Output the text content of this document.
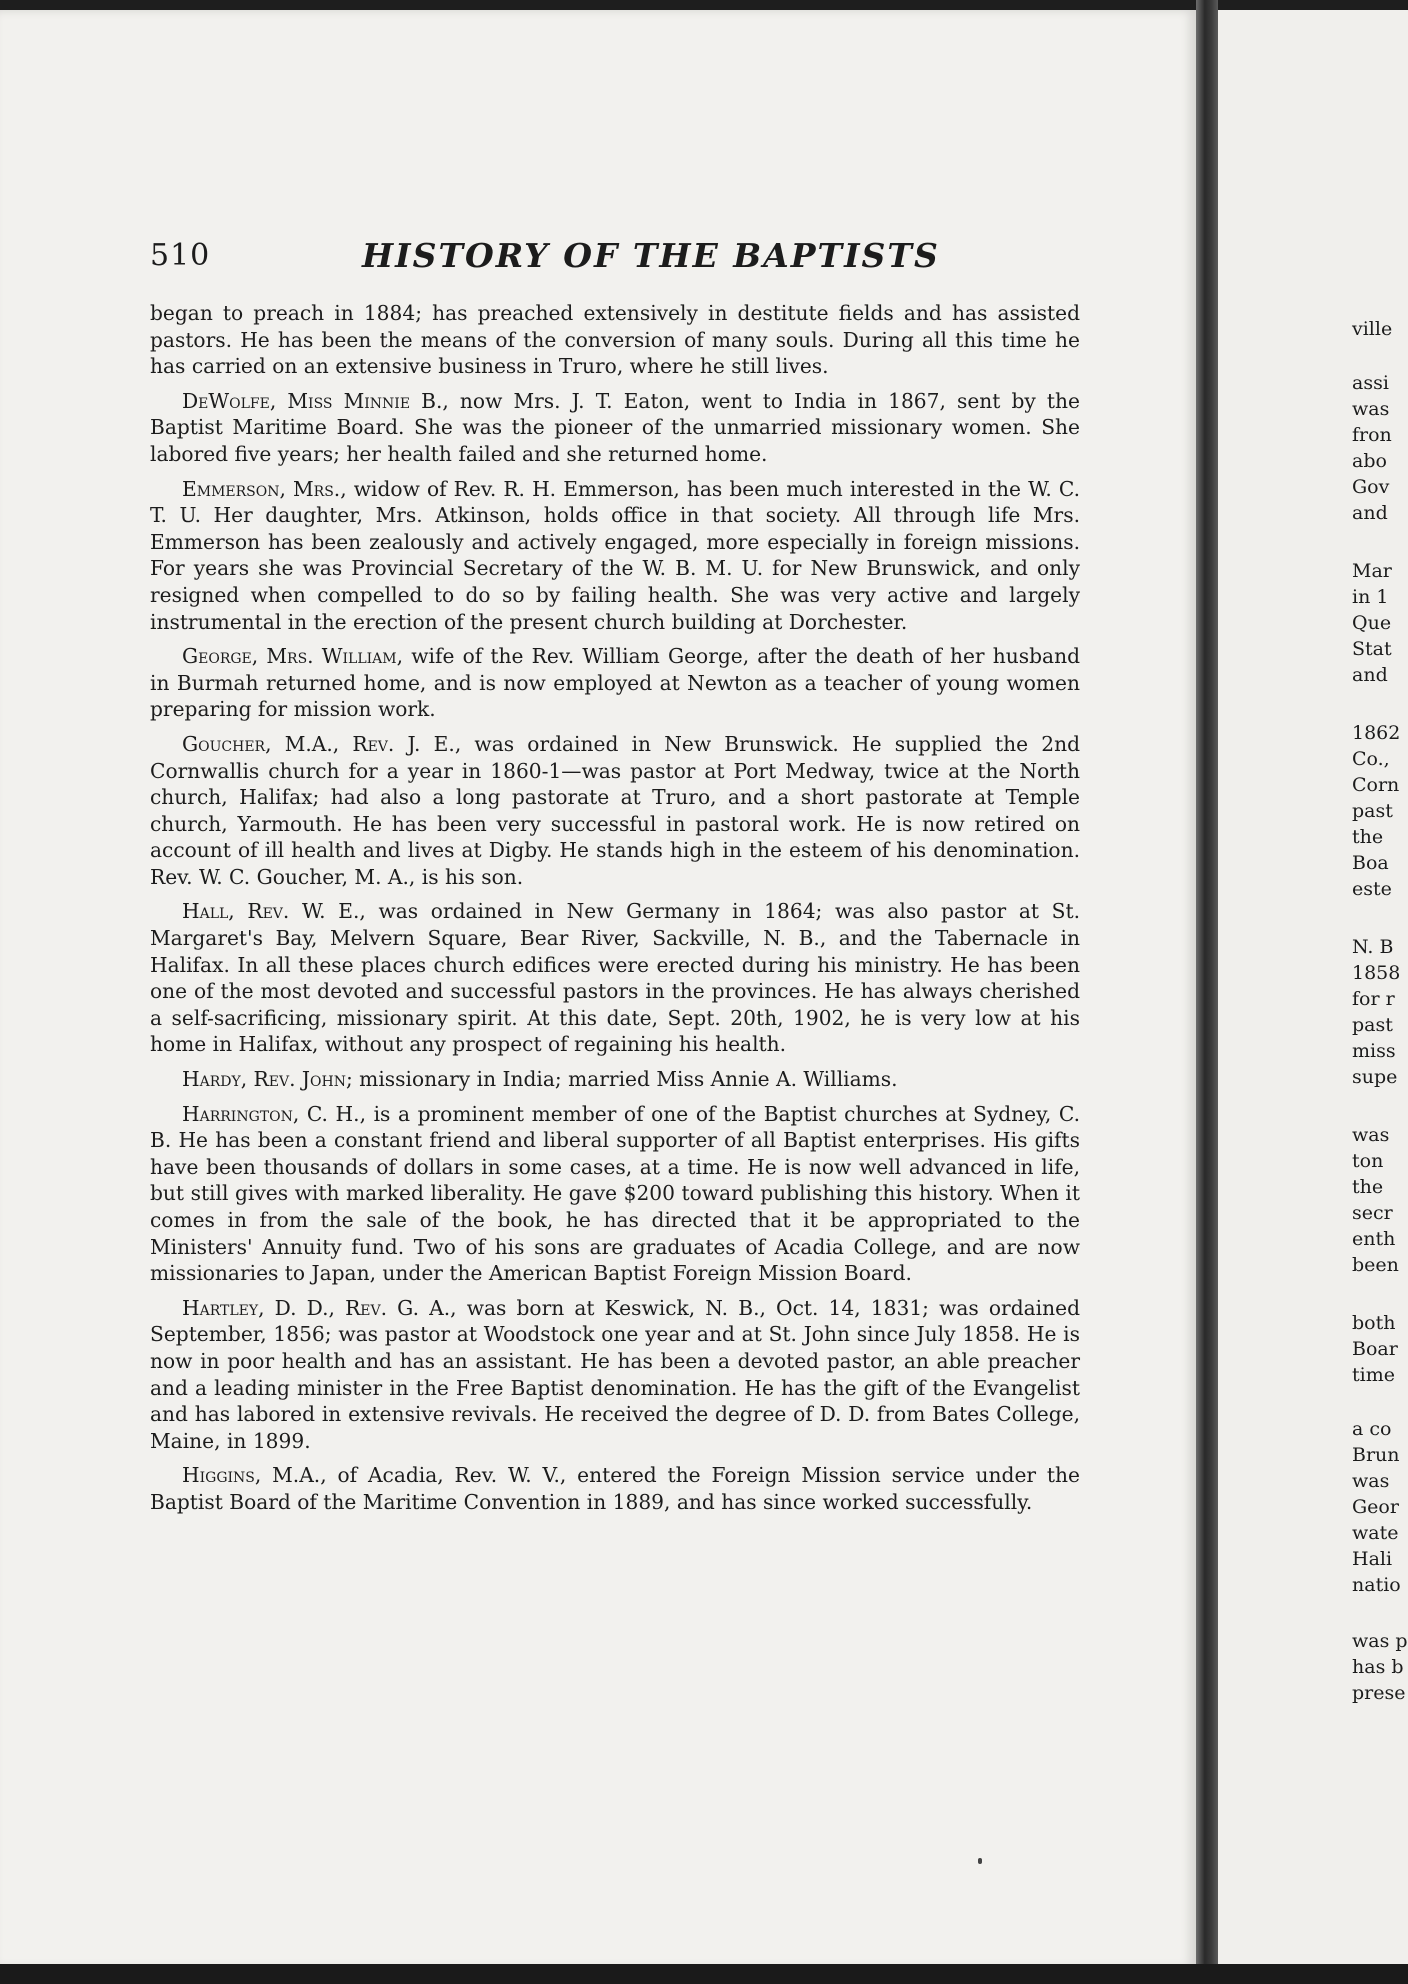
510	HISTORY OF THE BAPTISTS

began to preach in 1884; has preached extensively in destitute fields and has assisted pastors. He has been the means of the conversion of many souls. During all this time he has carried on an extensive business in Truro, where he still lives.

DeWolfe, Miss Minnie B., now Mrs. J. T. Eaton, went to India in 1867, sent by the Baptist Maritime Board. She was the pioneer of the unmarried missionary women. She labored five years; her health failed and she returned home.

Emmerson, Mrs., widow of Rev. R. H. Emmerson, has been much interested in the W. C. T. U. Her daughter, Mrs. Atkinson, holds office in that society. All through life Mrs. Emmerson has been zealously and actively engaged, more especially in foreign missions. For years she was Provincial Secretary of the W. B. M. U. for New Brunswick, and only resigned when compelled to do so by failing health. She was very active and largely instrumental in the erection of the present church building at Dorchester.

George, Mrs. William, wife of the Rev. William George, after the death of her husband in Burmah returned home, and is now employed at Newton as a teacher of young women preparing for mission work.

Goucher, M.A., Rev. J. E., was ordained in New Brunswick. He supplied the 2nd Cornwallis church for a year in 1860-1—was pastor at Port Medway, twice at the North church, Halifax; had also a long pastorate at Truro, and a short pastorate at Temple church, Yarmouth. He has been very successful in pastoral work. He is now retired on account of ill health and lives at Digby. He stands high in the esteem of his denomination. Rev. W. C. Goucher, M. A., is his son.

Hall, Rev. W. E., was ordained in New Germany in 1864; was also pastor at St. Margaret's Bay, Melvern Square, Bear River, Sackville, N. B., and the Tabernacle in Halifax. In all these places church edifices were erected during his ministry. He has been one of the most devoted and successful pastors in the provinces. He has always cherished a self-sacrificing, missionary spirit. At this date, Sept. 20th, 1902, he is very low at his home in Halifax, without any prospect of regaining his health.

Hardy, Rev. John; missionary in India; married Miss Annie A. Williams.

Harrington, C. H., is a prominent member of one of the Baptist churches at Sydney, C. B. He has been a constant friend and liberal supporter of all Baptist enterprises. His gifts have been thousands of dollars in some cases, at a time. He is now well advanced in life, but still gives with marked liberality. He gave $200 toward publishing this history. When it comes in from the sale of the book, he has directed that it be appropriated to the Ministers' Annuity fund. Two of his sons are graduates of Acadia College, and are now missionaries to Japan, under the American Baptist Foreign Mission Board.

Hartley, D. D., Rev. G. A., was born at Keswick, N. B., Oct. 14, 1831; was ordained September, 1856; was pastor at Woodstock one year and at St. John since July 1858. He is now in poor health and has an assistant. He has been a devoted pastor, an able preacher and a leading minister in the Free Baptist denomination. He has the gift of the Evangelist and has labored in extensive revivals. He received the degree of D. D. from Bates College, Maine, in 1899.

Higgins, M.A., of Acadia, Rev. W. V., entered the Foreign Mission service under the Baptist Board of the Maritime Convention in 1889, and has since worked successfully.

ville
assi
was
fron
abo
Gov
and
Mar
in 1
Que
Stat
and
1862
Co.,
Corn
past
the
Boa
este
N. B
1858
for r
past
miss
supe
was
ton
the
secr
enth
been
both
Boar
time
a co
Brun
was
Geor
wate
Hali
natio
was p
has b
prese
